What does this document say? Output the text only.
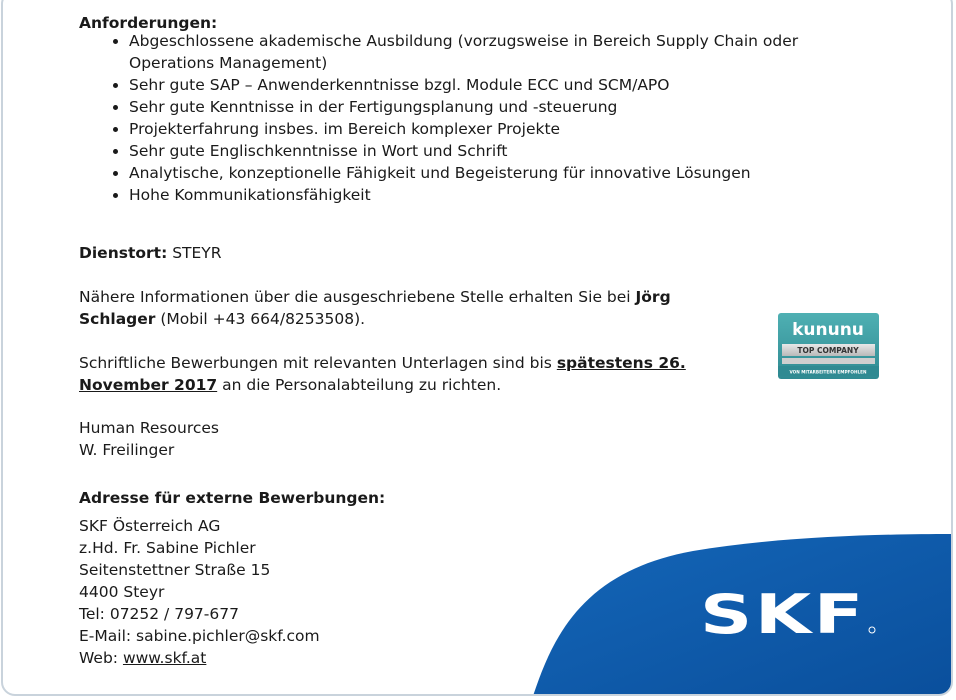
Anforderungen:
• Abgeschlossene akademische Ausbildung (vorzugsweise in Bereich Supply Chain oder Operations Management)
• Sehr gute SAP – Anwenderkenntnisse bzgl. Module ECC und SCM/APO
• Sehr gute Kenntnisse in der Fertigungsplanung und -steuerung
• Projekterfahrung insbes. im Bereich komplexer Projekte
• Sehr gute Englischkenntnisse in Wort und Schrift
• Analytische, konzeptionelle Fähigkeit und Begeisterung für innovative Lösungen
• Hohe Kommunikationsfähigkeit
Dienstort: STEYR
Nähere Informationen über die ausgeschriebene Stelle erhalten Sie bei Jörg
Schlager (Mobil +43 664/8253508).
Schriftliche Bewerbungen mit relevanten Unterlagen sind bis spätestens 26.
November 2017 an die Personalabteilung zu richten.
Human Resources
W. Freilinger
Adresse für externe Bewerbungen:
SKF Österreich AG
z.Hd. Fr. Sabine Pichler
Seitenstettner Straße 15
4400 Steyr
Tel: 07252 / 797-677
E-Mail: sabine.pichler@skf.com
Web: www.skf.at
kununu
TOP COMPANY
VON MITARBEITERN EMPFOHLEN
SKF
